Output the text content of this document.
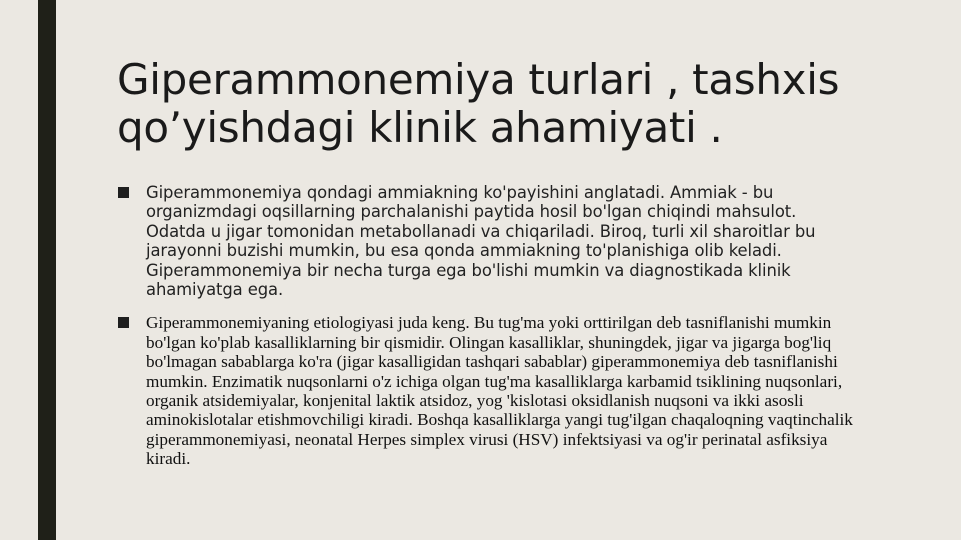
Giperammonemiya turlari , tashxis
qo’yishdagi klinik ahamiyati .
Giperammonemiya qondagi ammiakning ko'payishini anglatadi. Ammiak - bu organizmdagi oqsillarning parchalanishi paytida hosil bo'lgan chiqindi mahsulot. Odatda u jigar tomonidan metabollanadi va chiqariladi. Biroq, turli xil sharoitlar bu jarayonni buzishi mumkin, bu esa qonda ammiakning to'planishiga olib keladi. Giperammonemiya bir necha turga ega bo'lishi mumkin va diagnostikada klinik ahamiyatga ega.
Giperammonemiyaning etiologiyasi juda keng. Bu tug'ma yoki orttirilgan deb tasniflanishi mumkin bo'lgan ko'plab kasalliklarning bir qismidir. Olingan kasalliklar, shuningdek, jigar va jigarga bog'liq bo'lmagan sabablarga ko'ra (jigar kasalligidan tashqari sabablar) giperammonemiya deb tasniflanishi mumkin. Enzimatik nuqsonlarni o'z ichiga olgan tug'ma kasalliklarga karbamid tsiklining nuqsonlari, organik atsidemiyalar, konjenital laktik atsidoz, yog 'kislotasi oksidlanish nuqsoni va ikki asosli aminokislotalar etishmovchiligi kiradi. Boshqa kasalliklarga yangi tug'ilgan chaqaloqning vaqtinchalik giperammonemiyasi, neonatal Herpes simplex virusi (HSV) infektsiyasi va og'ir perinatal asfiksiya kiradi.
